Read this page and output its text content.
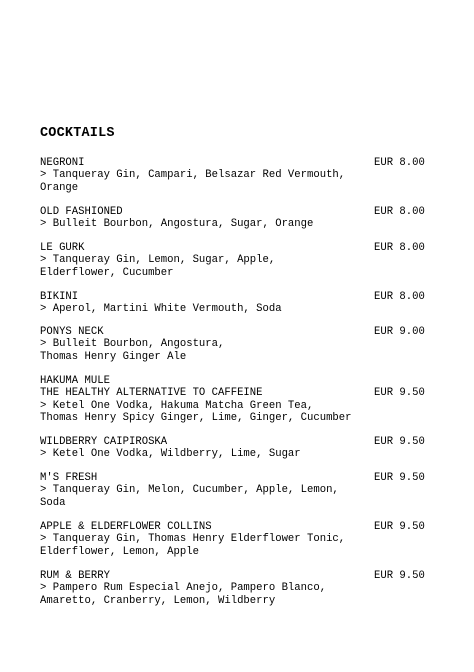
COCKTAILS
NEGRONI	EUR 8.00
> Tanqueray Gin, Campari, Belsazar Red Vermouth,
Orange
OLD FASHIONED	EUR 8.00
> Bulleit Bourbon, Angostura, Sugar, Orange
LE GURK	EUR 8.00
> Tanqueray Gin, Lemon, Sugar, Apple,
Elderflower, Cucumber
BIKINI	EUR 8.00
> Aperol, Martini White Vermouth, Soda
PONYS NECK	EUR 9.00
> Bulleit Bourbon, Angostura,
Thomas Henry Ginger Ale
HAKUMA MULE
THE HEALTHY ALTERNATIVE TO CAFFEINE	EUR 9.50
> Ketel One Vodka, Hakuma Matcha Green Tea,
Thomas Henry Spicy Ginger, Lime, Ginger, Cucumber
WILDBERRY CAIPIROSKA	EUR 9.50
> Ketel One Vodka, Wildberry, Lime, Sugar
M'S FRESH	EUR 9.50
> Tanqueray Gin, Melon, Cucumber, Apple, Lemon,
Soda
APPLE & ELDERFLOWER COLLINS	EUR 9.50
> Tanqueray Gin, Thomas Henry Elderflower Tonic,
Elderflower, Lemon, Apple
RUM & BERRY	EUR 9.50
> Pampero Rum Especial Anejo, Pampero Blanco,
Amaretto, Cranberry, Lemon, Wildberry
